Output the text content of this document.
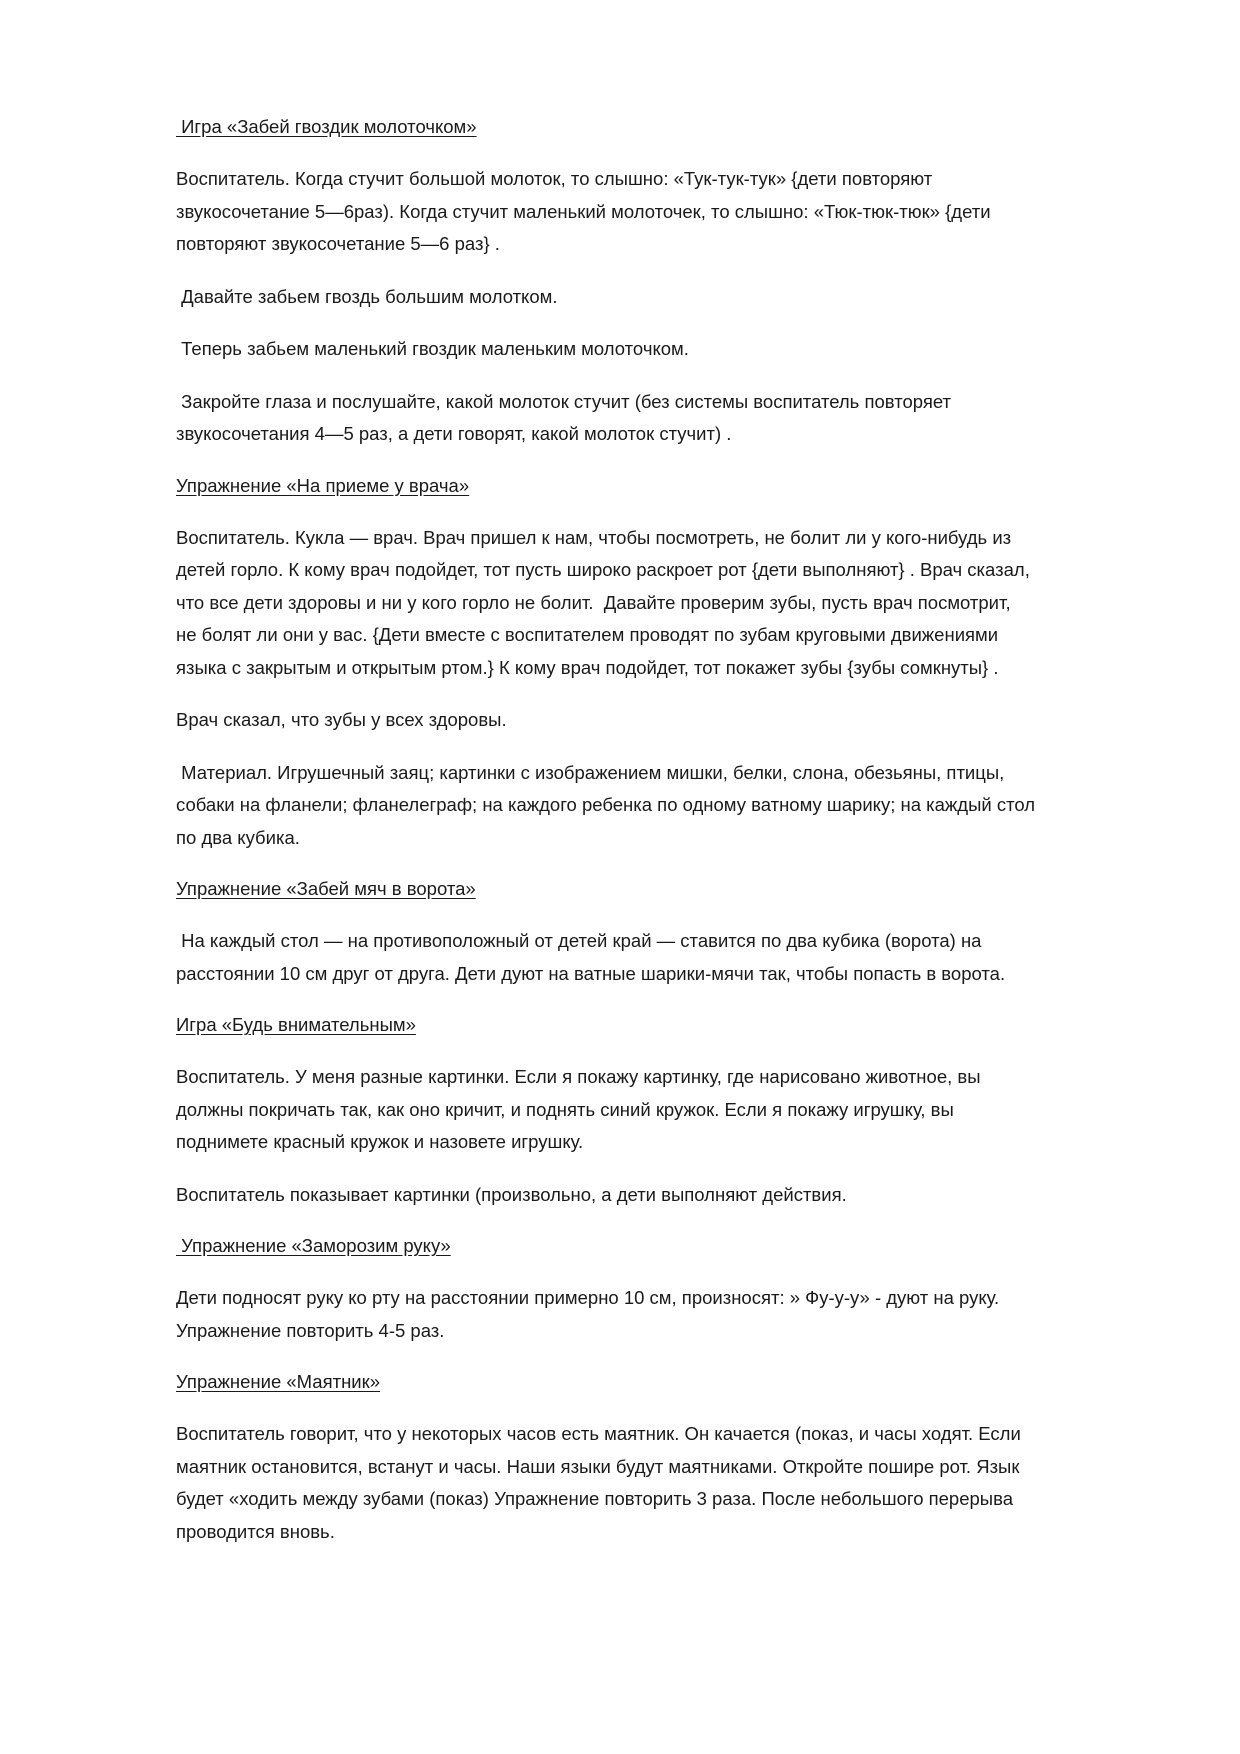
Игра «Забей гвоздик молоточком»
Воспитатель. Когда стучит большой молоток, то слышно: «Тук-тук-тук» {дети повторяют
звукосочетание 5—6раз). Когда стучит маленький молоточек, то слышно: «Тюк-тюк-тюк» {дети
повторяют звукосочетание 5—6 раз} .
Давайте забьем гвоздь большим молотком.
Теперь забьем маленький гвоздик маленьким молоточком.
Закройте глаза и послушайте, какой молоток стучит (без системы воспитатель повторяет
звукосочетания 4—5 раз, а дети говорят, какой молоток стучит) .
Упражнение «На приеме у врача»
Воспитатель. Кукла — врач. Врач пришел к нам, чтобы посмотреть, не болит ли у кого-нибудь из
детей горло. К кому врач подойдет, тот пусть широко раскроет рот {дети выполняют} . Врач сказал,
что все дети здоровы и ни у кого горло не болит.  Давайте проверим зубы, пусть врач посмотрит,
не болят ли они у вас. {Дети вместе с воспитателем проводят по зубам круговыми движениями
языка с закрытым и открытым ртом.} К кому врач подойдет, тот покажет зубы {зубы сомкнуты} .
Врач сказал, что зубы у всех здоровы.
Материал. Игрушечный заяц; картинки с изображением мишки, белки, слона, обезьяны, птицы,
собаки на фланели; фланелеграф; на каждого ребенка по одному ватному шарику; на каждый стол
по два кубика.
Упражнение «Забей мяч в ворота»
На каждый стол — на противоположный от детей край — ставится по два кубика (ворота) на
расстоянии 10 см друг от друга. Дети дуют на ватные шарики-мячи так, чтобы попасть в ворота.
Игра «Будь внимательным»
Воспитатель. У меня разные картинки. Если я покажу картинку, где нарисовано животное, вы
должны покричать так, как оно кричит, и поднять синий кружок. Если я покажу игрушку, вы
поднимете красный кружок и назовете игрушку.
Воспитатель показывает картинки (произвольно, а дети выполняют действия.
Упражнение «Заморозим руку»
Дети подносят руку ко рту на расстоянии примерно 10 см, произносят: » Фу-у-у» - дуют на руку.
Упражнение повторить 4-5 раз.
Упражнение «Маятник»
Воспитатель говорит, что у некоторых часов есть маятник. Он качается (показ, и часы ходят. Если
маятник остановится, встанут и часы. Наши языки будут маятниками. Откройте пошире рот. Язык
будет «ходить между зубами (показ) Упражнение повторить 3 раза. После небольшого перерыва
проводится вновь.
